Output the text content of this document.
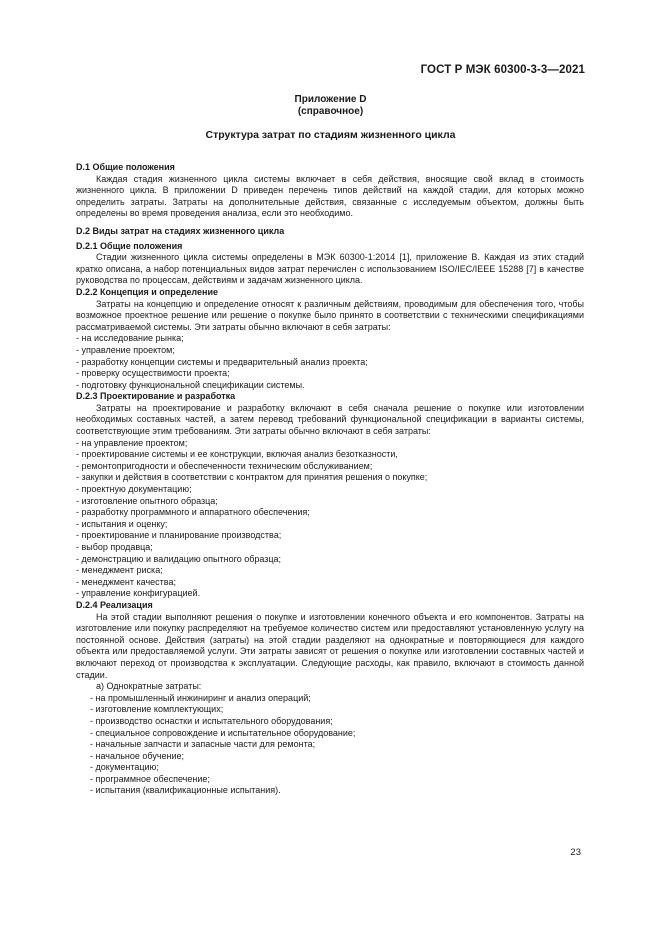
ГОСТ Р МЭК 60300-3-3—2021
Приложение D
(справочное)
Структура затрат по стадиям жизненного цикла
D.1 Общие положения
Каждая стадия жизненного цикла системы включает в себя действия, вносящие свой вклад в стоимость жизненного цикла. В приложении D приведен перечень типов действий на каждой стадии, для которых можно определить затраты. Затраты на дополнительные действия, связанные с исследуемым объектом, должны быть определены во время проведения анализа, если это необходимо.
D.2 Виды затрат на стадиях жизненного цикла
D.2.1 Общие положения
Стадии жизненного цикла системы определены в МЭК 60300-1:2014 [1], приложение B. Каждая из этих стадий кратко описана, а набор потенциальных видов затрат перечислен с использованием ISO/IEC/IEEE 15288 [7] в качестве руководства по процессам, действиям и задачам жизненного цикла.
D.2.2 Концепция и определение
Затраты на концепцию и определение относят к различным действиям, проводимым для обеспечения того, чтобы возможное проектное решение или решение о покупке было принято в соответствии с техническими спецификациями рассматриваемой системы. Эти затраты обычно включают в себя затраты:
- на исследование рынка;
- управление проектом;
- разработку концепции системы и предварительный анализ проекта;
- проверку осуществимости проекта;
- подготовку функциональной спецификации системы.
D.2.3 Проектирование и разработка
Затраты на проектирование и разработку включают в себя сначала решение о покупке или изготовлении необходимых составных частей, а затем перевод требований функциональной спецификации в варианты системы, соответствующие этим требованиям. Эти затраты обычно включают в себя затраты:
- на управление проектом;
- проектирование системы и ее конструкции, включая анализ безотказности,
- ремонтопригодности и обеспеченности техническим обслуживанием;
- закупки и действия в соответствии с контрактом для принятия решения о покупке;
- проектную документацию;
- изготовление опытного образца;
- разработку программного и аппаратного обеспечения;
- испытания и оценку;
- проектирование и планирование производства;
- выбор продавца;
- демонстрацию и валидацию опытного образца;
- менеджмент риска;
- менеджмент качества;
- управление конфигурацией.
D.2.4 Реализация
На этой стадии выполняют решения о покупке и изготовлении конечного объекта и его компонентов. Затраты на изготовление или покупку распределяют на требуемое количество систем или предоставляют установленную услугу на постоянной основе. Действия (затраты) на этой стадии разделяют на однократные и повторяющиеся для каждого объекта или предоставляемой услуги. Эти затраты зависят от решения о покупке или изготовлении составных частей и включают переход от производства к эксплуатации. Следующие расходы, как правило, включают в стоимость данной стадии.
а) Однократные затраты:
- на промышленный инжиниринг и анализ операций;
- изготовление комплектующих;
- производство оснастки и испытательного оборудования;
- специальное сопровождение и испытательное оборудование;
- начальные запчасти и запасные части для ремонта;
- начальное обучение;
- документацию;
- программное обеспечение;
- испытания (квалификационные испытания).
23
